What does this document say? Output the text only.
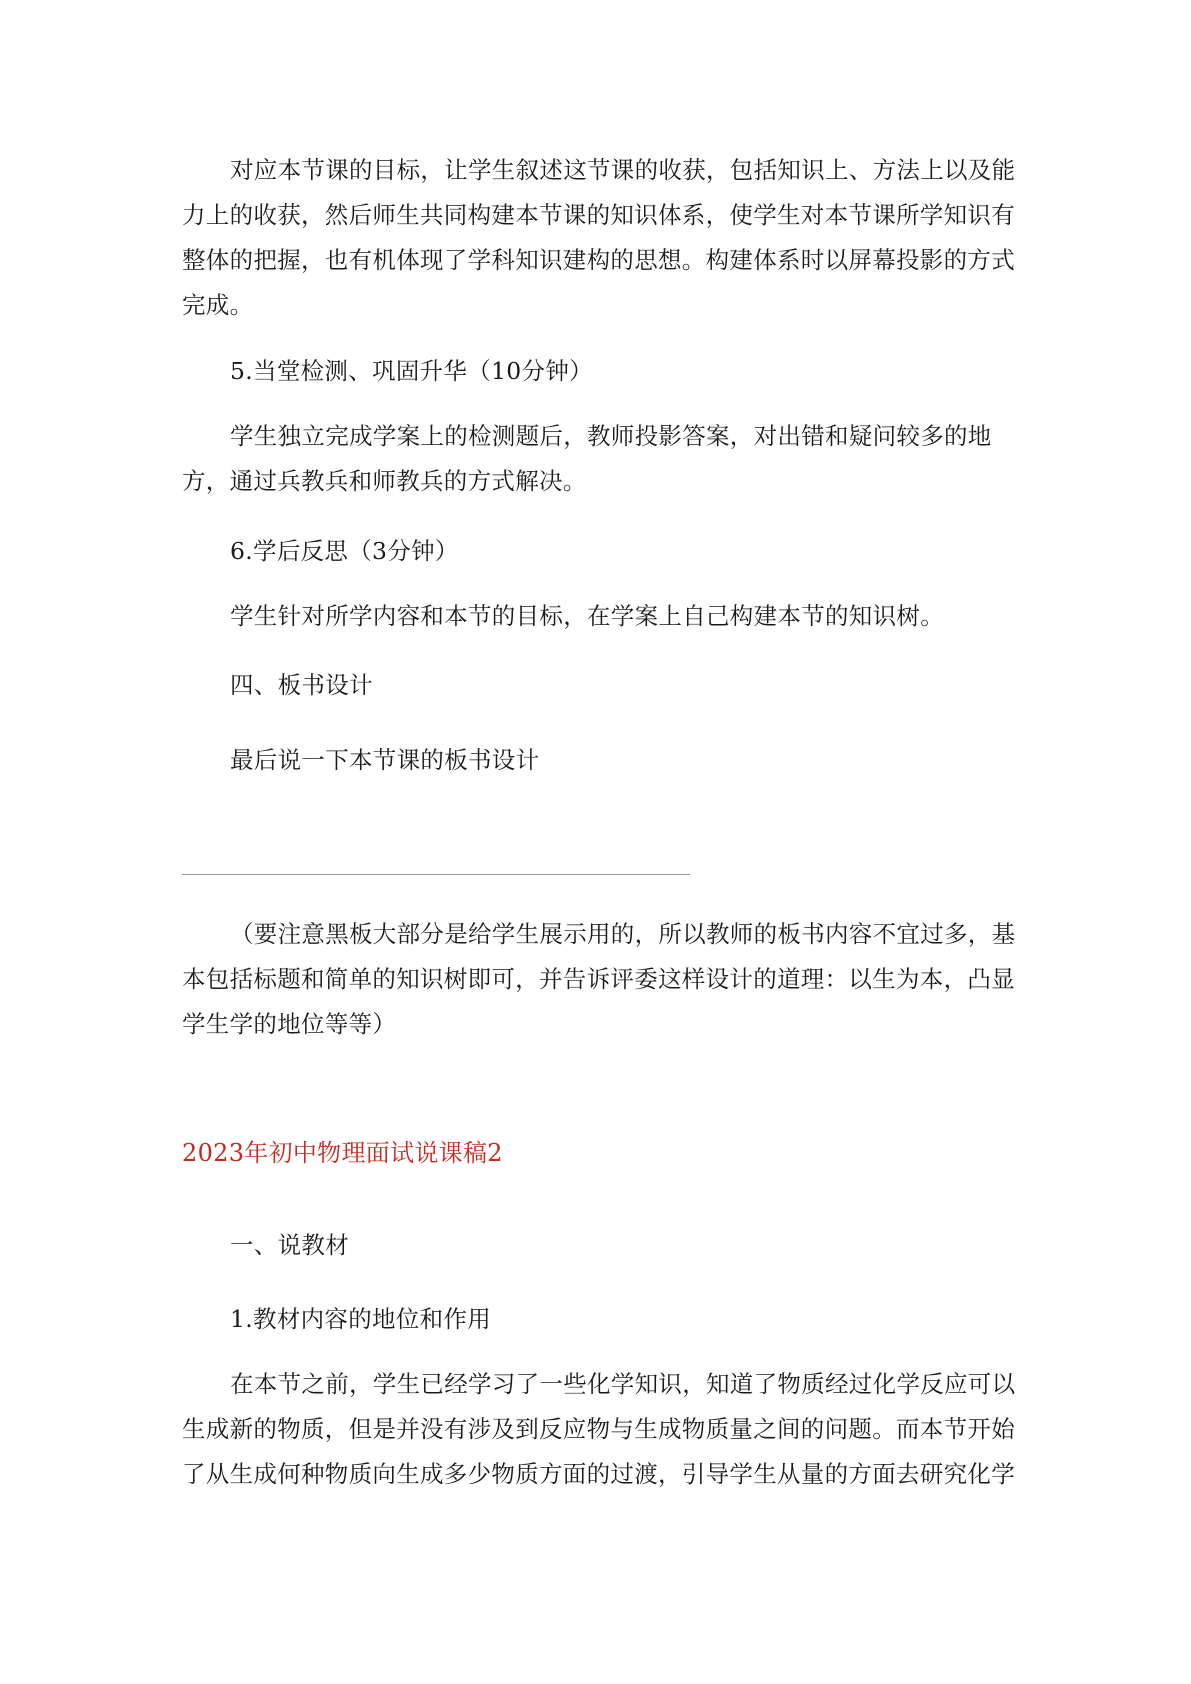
对应本节课的目标，让学生叙述这节课的收获，包括知识上、方法上以及能力上的收获，然后师生共同构建本节课的知识体系，使学生对本节课所学知识有整体的把握，也有机体现了学科知识建构的思想。构建体系时以屏幕投影的方式完成。

5.当堂检测、巩固升华（10分钟）

学生独立完成学案上的检测题后，教师投影答案，对出错和疑问较多的地方，通过兵教兵和师教兵的方式解决。

6.学后反思（3分钟）

学生针对所学内容和本节的目标，在学案上自己构建本节的知识树。

四、板书设计

最后说一下本节课的板书设计

（要注意黑板大部分是给学生展示用的，所以教师的板书内容不宜过多，基本包括标题和简单的知识树即可，并告诉评委这样设计的道理：以生为本，凸显学生学的地位等等）

2023年初中物理面试说课稿2

一、说教材

1.教材内容的地位和作用

在本节之前，学生已经学习了一些化学知识，知道了物质经过化学反应可以生成新的物质，但是并没有涉及到反应物与生成物质量之间的问题。而本节开始了从生成何种物质向生成多少物质方面的过渡，引导学生从量的方面去研究化学
